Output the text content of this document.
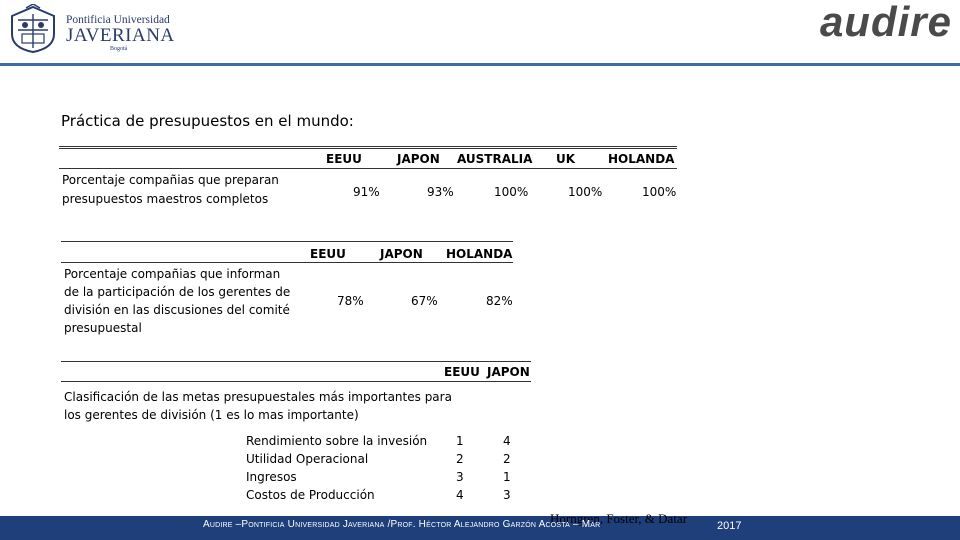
Pontificia Universidad
JAVERIANA
Bogotá
audire
Práctica de presupuestos en el mundo:
EEUU	JAPON AUSTRALIA UK	HOLANDA
Porcentaje compañias que preparan
presupuestos maestros completos	91%	93%	100%	100%	100%
EEUU	JAPON HOLANDA
Porcentaje compañias que informan
de la participación de los gerentes de
división en las discusiones del comité
presupuestal
78%	67%	82%
EEUU JAPON
Clasificación de las metas presupuestales más importantes para
los gerentes de división (1 es lo mas importante)
Rendimiento sobre la invesión 1	4
Utilidad Operacional	2	2
Ingresos	3	1
Costos de Producción	4	3
Horngren, Foster, & Datar
Audire –Pontificia Universidad Javeriana /Prof. Héctor Alejandro Garzón Acosta – Mar	2017
